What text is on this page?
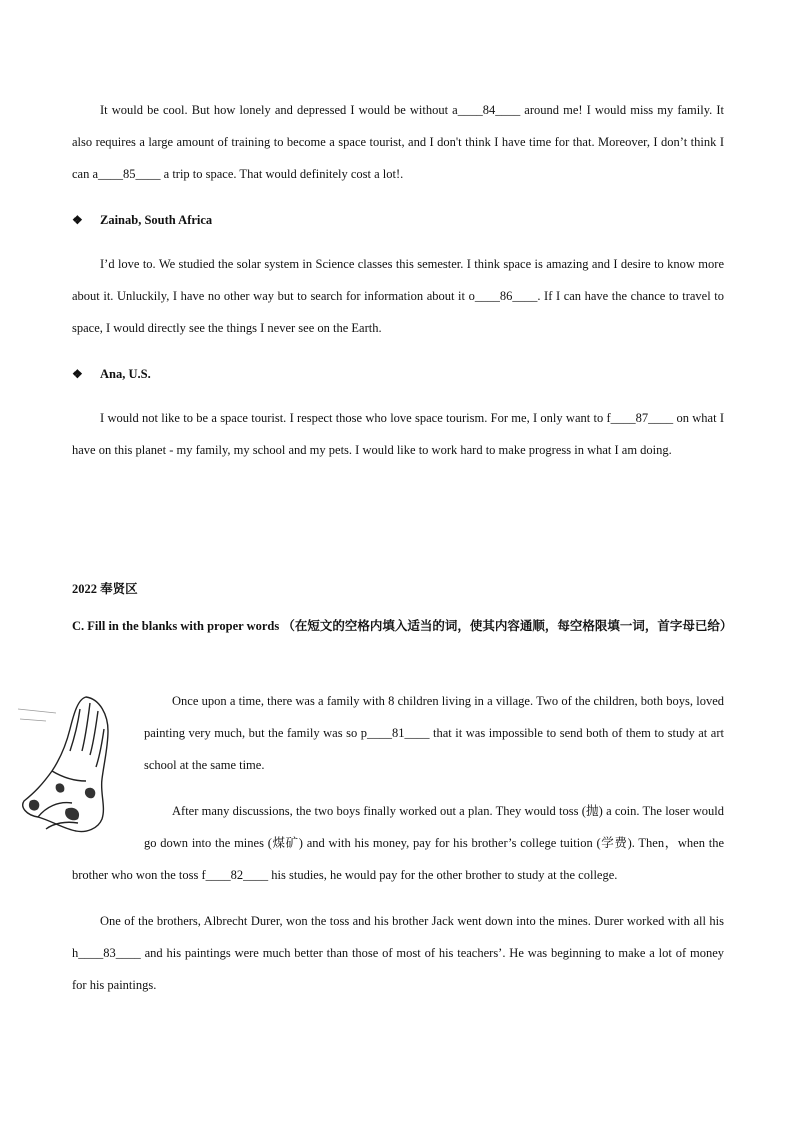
It would be cool. But how lonely and depressed I would be without a____84____ around me! I would miss my family. It also requires a large amount of training to become a space tourist, and I don't think I have time for that. Moreover, I don’t think I can a____85____ a trip to space. That would definitely cost a lot!.
❖ Zainab, South Africa
I’d love to. We studied the solar system in Science classes this semester. I think space is amazing and I desire to know more about it. Unluckily, I have no other way but to search for information about it o____86____. If I can have the chance to travel to space, I would directly see the things I never see on the Earth.
❖ Ana, U.S.
I would not like to be a space tourist. I respect those who love space tourism. For me, I only want to f____87____ on what I have on this planet - my family, my school and my pets. I would like to work hard to make progress in what I am doing.
2022 奉贤区
C. Fill in the blanks with proper words （在短文的空格内填入适当的词，使其内容通顺，每空格限填一词，首字母已给）

Once upon a time, there was a family with 8 children living in a village. Two of the children, both boys, loved painting very much, but the family was so p____81____ that it was impossible to send both of them to study at art school at the same time.

After many discussions, the two boys finally worked out a plan. They would toss (抛) a coin. The loser would go down into the mines (煤矿) and with his money, pay for his brother’s college tuition (学费). Then，when the brother who won the toss f____82____ his studies, he would pay for the other brother to study at the college.

One of the brothers, Albrecht Durer, won the toss and his brother Jack went down into the mines. Durer worked with all his h____83____ and his paintings were much better than those of most of his teachers’. He was beginning to make a lot of money for his paintings.
